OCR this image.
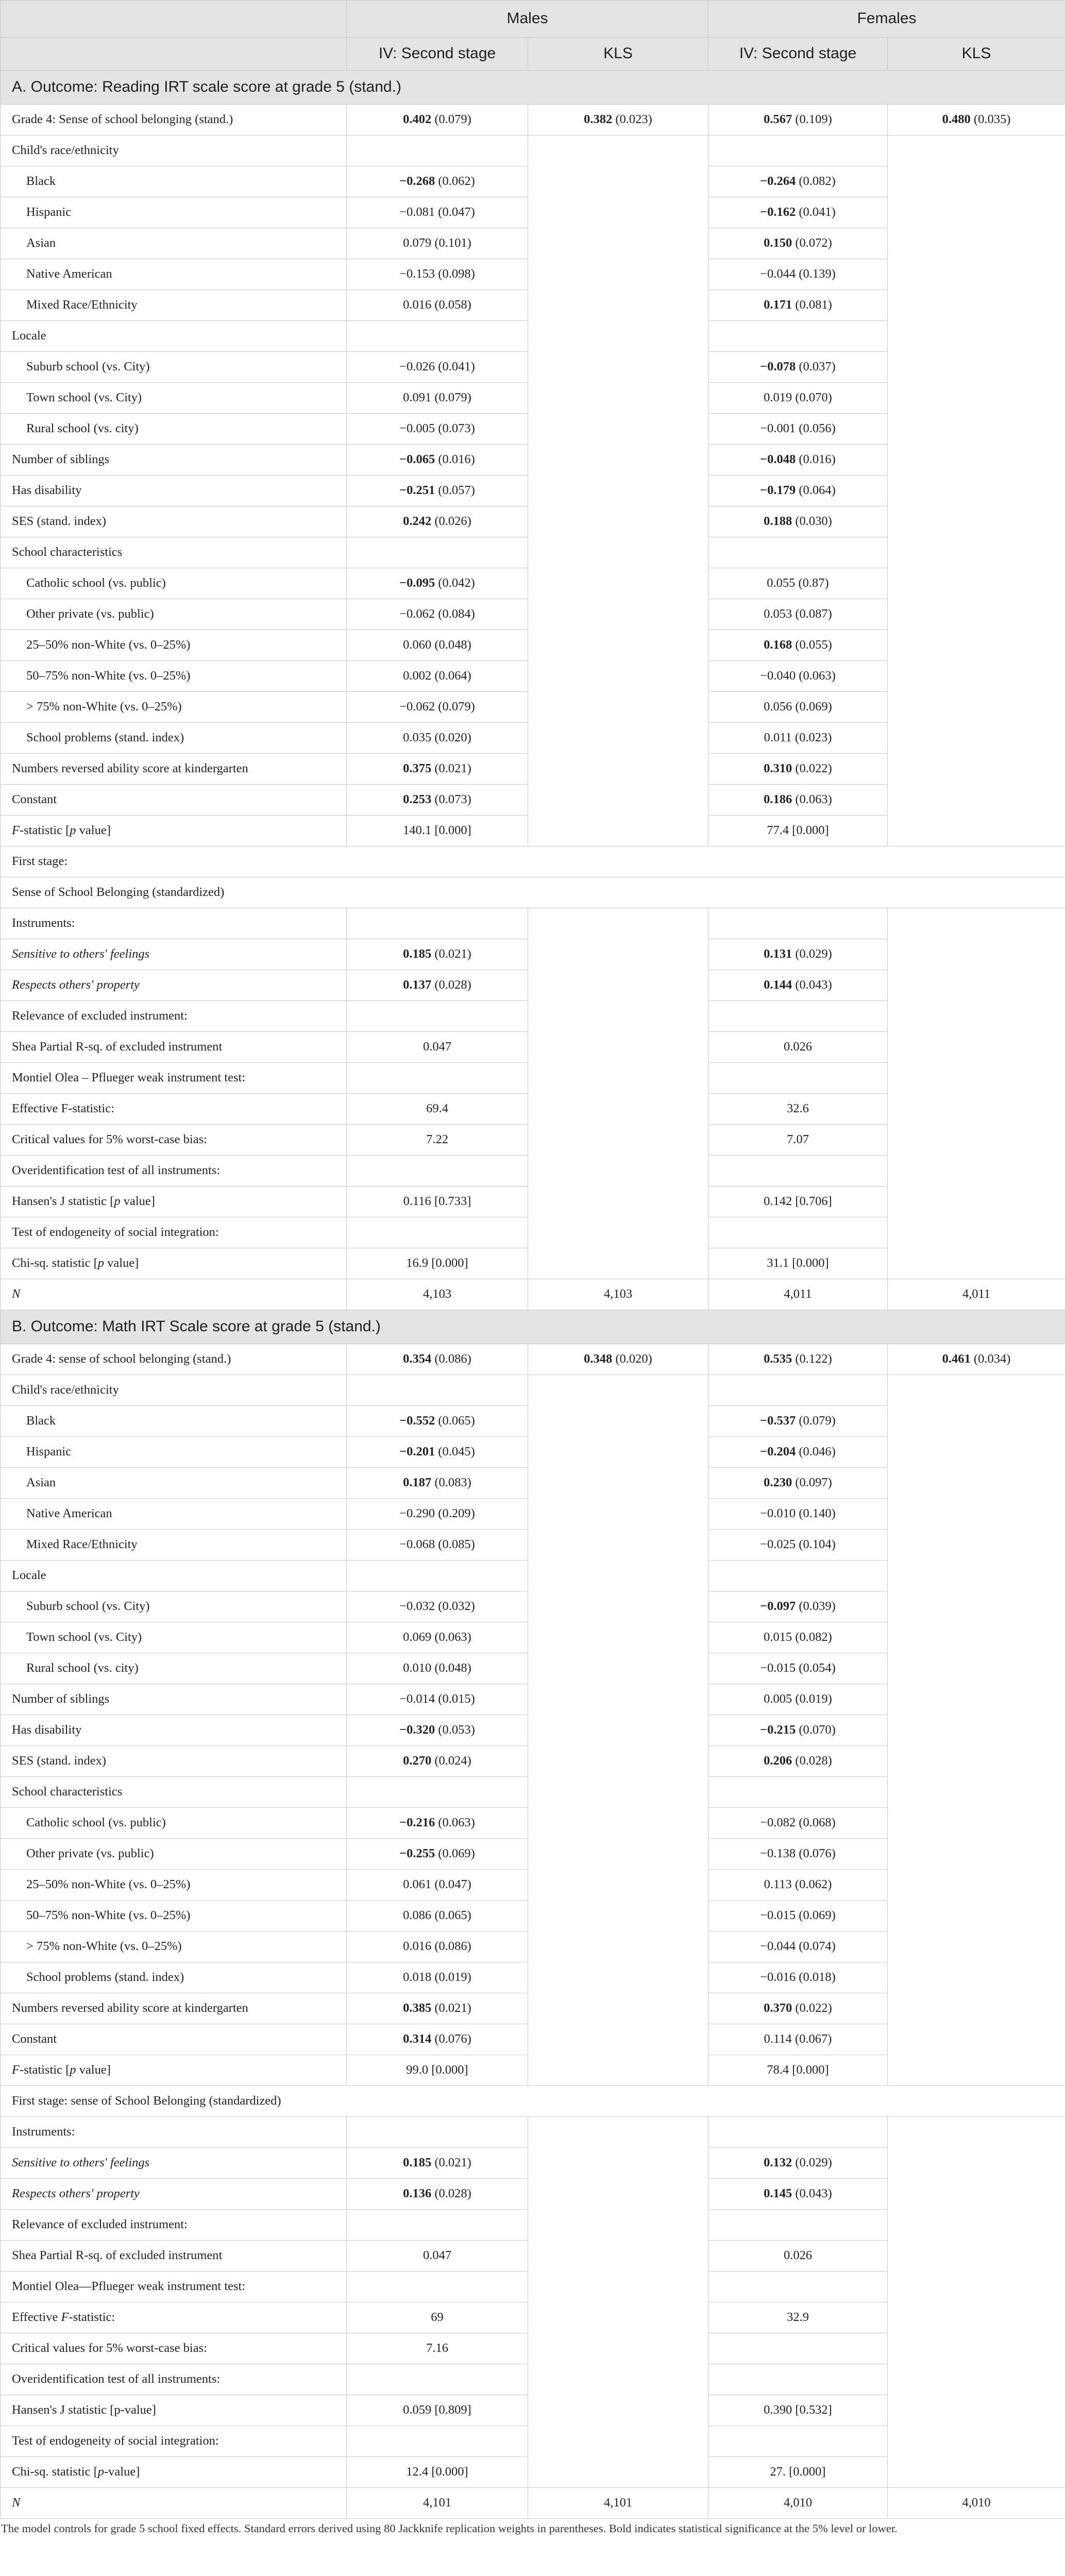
	Males		Females	
	IV: Second stage	KLS	IV: Second stage	KLS
A. Outcome: Reading IRT scale score at grade 5 (stand.)				
Grade 4: Sense of school belonging (stand.)	0.402 (0.079)	0.382 (0.023)	0.567 (0.109)	0.480 (0.035)
Child's race/ethnicity				
Black	−0.268 (0.062)		−0.264 (0.082)	
Hispanic	−0.081 (0.047)		−0.162 (0.041)	
Asian	0.079 (0.101)		0.150 (0.072)	
Native American	−0.153 (0.098)		−0.044 (0.139)	
Mixed Race/Ethnicity	0.016 (0.058)		0.171 (0.081)	
Locale				
Suburb school (vs. City)	−0.026 (0.041)		−0.078 (0.037)	
Town school (vs. City)	0.091 (0.079)		0.019 (0.070)	
Rural school (vs. city)	−0.005 (0.073)		−0.001 (0.056)	
Number of siblings	−0.065 (0.016)		−0.048 (0.016)	
Has disability	−0.251 (0.057)		−0.179 (0.064)	
SES (stand. index)	0.242 (0.026)		0.188 (0.030)	
School characteristics				
Catholic school (vs. public)	−0.095 (0.042)		0.055 (0.87)	
Other private (vs. public)	−0.062 (0.084)		0.053 (0.087)	
25–50% non-White (vs. 0–25%)	0.060 (0.048)		0.168 (0.055)	
50–75% non-White (vs. 0–25%)	0.002 (0.064)		−0.040 (0.063)	
> 75% non-White (vs. 0–25%)	−0.062 (0.079)		0.056 (0.069)	
School problems (stand. index)	0.035 (0.020)		0.011 (0.023)	
Numbers reversed ability score at kindergarten	0.375 (0.021)		0.310 (0.022)	
Constant	0.253 (0.073)		0.186 (0.063)	
F-statistic [p value]	140.1 [0.000]		77.4 [0.000]	
First stage:				
Sense of School Belonging (standardized)				
Instruments:				
Sensitive to others' feelings	0.185 (0.021)		0.131 (0.029)	
Respects others' property	0.137 (0.028)		0.144 (0.043)	
Relevance of excluded instrument:				
Shea Partial R-sq. of excluded instrument	0.047		0.026	
Montiel Olea – Pflueger weak instrument test:				
Effective F-statistic:	69.4		32.6	
Critical values for 5% worst-case bias:	7.22		7.07	
Overidentification test of all instruments:				
Hansen's J statistic [p value]	0.116 [0.733]		0.142 [0.706]	
Test of endogeneity of social integration:				
Chi-sq. statistic [p value]	16.9 [0.000]		31.1 [0.000]	
N	4,103	4,103	4,011	4,011
B. Outcome: Math IRT Scale score at grade 5 (stand.)				
Grade 4: sense of school belonging (stand.)	0.354 (0.086)	0.348 (0.020)	0.535 (0.122)	0.461 (0.034)
Child's race/ethnicity				
Black	−0.552 (0.065)		−0.537 (0.079)	
Hispanic	−0.201 (0.045)		−0.204 (0.046)	
Asian	0.187 (0.083)		0.230 (0.097)	
Native American	−0.290 (0.209)		−0.010 (0.140)	
Mixed Race/Ethnicity	−0.068 (0.085)		−0.025 (0.104)	
Locale				
Suburb school (vs. City)	−0.032 (0.032)		−0.097 (0.039)	
Town school (vs. City)	0.069 (0.063)		0.015 (0.082)	
Rural school (vs. city)	0.010 (0.048)		−0.015 (0.054)	
Number of siblings	−0.014 (0.015)		0.005 (0.019)	
Has disability	−0.320 (0.053)		−0.215 (0.070)	
SES (stand. index)	0.270 (0.024)		0.206 (0.028)	
School characteristics				
Catholic school (vs. public)	−0.216 (0.063)		−0.082 (0.068)	
Other private (vs. public)	−0.255 (0.069)		−0.138 (0.076)	
25–50% non-White (vs. 0–25%)	0.061 (0.047)		0.113 (0.062)	
50–75% non-White (vs. 0–25%)	0.086 (0.065)		−0.015 (0.069)	
> 75% non-White (vs. 0–25%)	0.016 (0.086)		−0.044 (0.074)	
School problems (stand. index)	0.018 (0.019)		−0.016 (0.018)	
Numbers reversed ability score at kindergarten	0.385 (0.021)		0.370 (0.022)	
Constant	0.314 (0.076)		0.114 (0.067)	
F-statistic [p value]	99.0 [0.000]		78.4 [0.000]	
First stage: sense of School Belonging (standardized)				
Instruments:				
Sensitive to others' feelings	0.185 (0.021)		0.132 (0.029)	
Respects others' property	0.136 (0.028)		0.145 (0.043)	
Relevance of excluded instrument:				
Shea Partial R-sq. of excluded instrument	0.047		0.026	
Montiel Olea—Pflueger weak instrument test:				
Effective F-statistic:	69		32.9	
Critical values for 5% worst-case bias:	7.16			
Overidentification test of all instruments:				
Hansen's J statistic [p-value]	0.059 [0.809]		0.390 [0.532]	
Test of endogeneity of social integration:				
Chi-sq. statistic [p-value]	12.4 [0.000]		27. [0.000]	
N	4,101	4,101	4,010	4,010
The model controls for grade 5 school fixed effects. Standard errors derived using 80 Jackknife replication weights in parentheses. Bold indicates statistical significance at the 5% level or lower.
